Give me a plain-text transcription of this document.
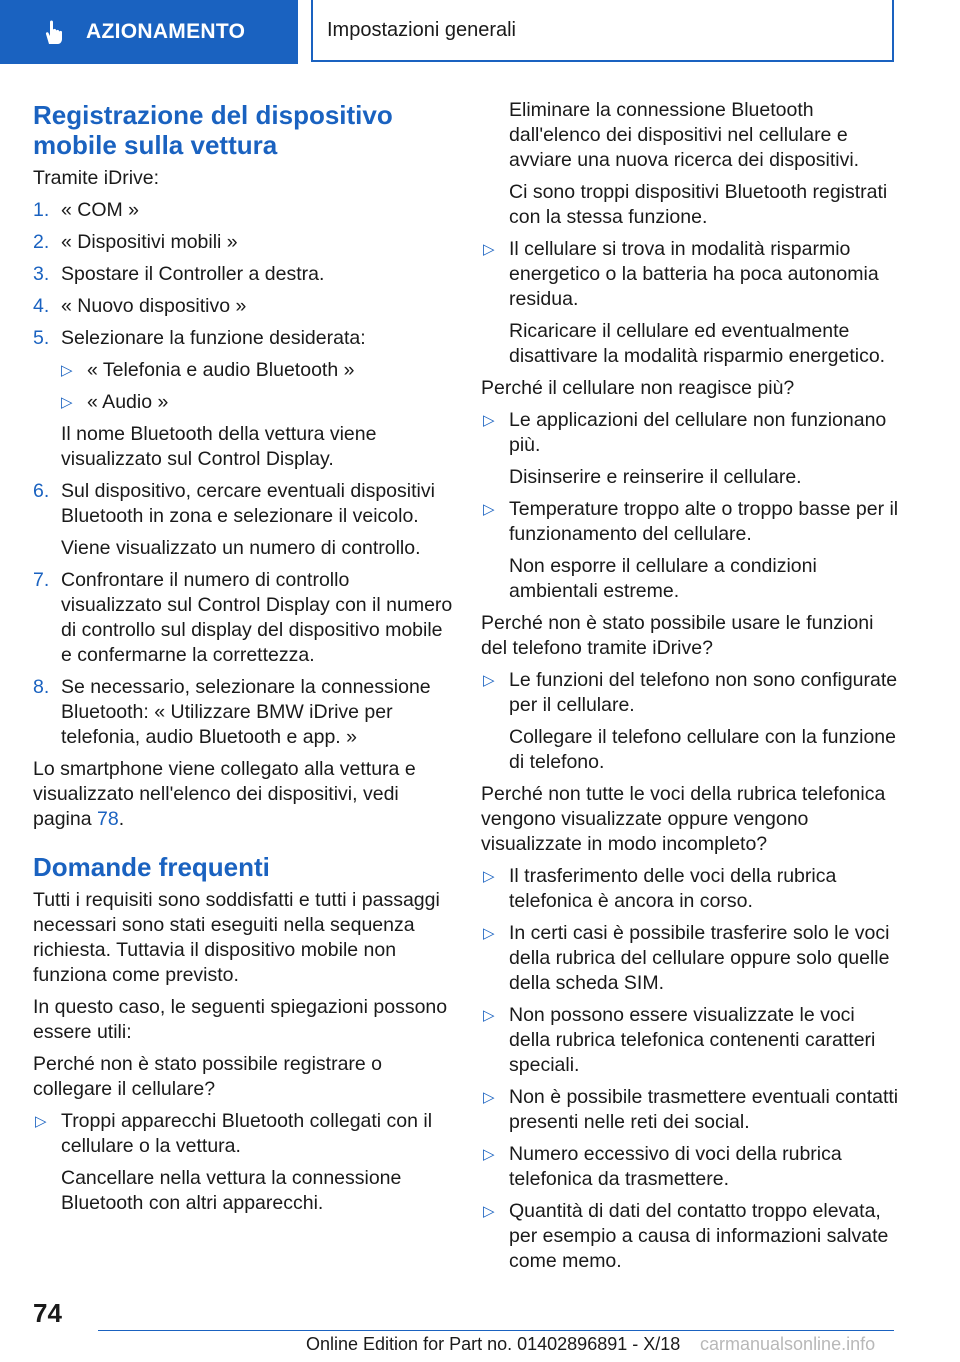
AZIONAMENTO	Impostazioni generali
Registrazione del dispositivo mobile sulla vettura

Tramite iDrive:

1. « COM »
2. « Dispositivi mobili »
3. Spostare il Controller a destra.
4. « Nuovo dispositivo »
5. Selezionare la funzione desiderata:
▷ « Telefonia e audio Bluetooth »
▷ « Audio »
Il nome Bluetooth della vettura viene visualizzato sul Control Display.
6. Sul dispositivo, cercare eventuali dispositivi Bluetooth in zona e selezionare il veicolo.
Viene visualizzato un numero di controllo.
7. Confrontare il numero di controllo visualizzato sul Control Display con il numero di controllo sul display del dispositivo mobile e confermarne la correttezza.
8. Se necessario, selezionare la connessione Bluetooth: « Utilizzare BMW iDrive per telefonia, audio Bluetooth e app. »

Lo smartphone viene collegato alla vettura e visualizzato nell'elenco dei dispositivi, vedi pagina 78.

Domande frequenti

Tutti i requisiti sono soddisfatti e tutti i passaggi necessari sono stati eseguiti nella sequenza richiesta. Tuttavia il dispositivo mobile non funziona come previsto.

In questo caso, le seguenti spiegazioni possono essere utili:

Perché non è stato possibile registrare o collegare il cellulare?

▷ Troppi apparecchi Bluetooth collegati con il cellulare o la vettura.
Cancellare nella vettura la connessione Bluetooth con altri apparecchi.
Eliminare la connessione Bluetooth dall'elenco dei dispositivi nel cellulare e avviare una nuova ricerca dei dispositivi.
Ci sono troppi dispositivi Bluetooth registrati con la stessa funzione.
▷ Il cellulare si trova in modalità risparmio energetico o la batteria ha poca autonomia residua.
Ricaricare il cellulare ed eventualmente disattivare la modalità risparmio energetico.

Perché il cellulare non reagisce più?

▷ Le applicazioni del cellulare non funzionano più.
Disinserire e reinserire il cellulare.
▷ Temperature troppo alte o troppo basse per il funzionamento del cellulare.
Non esporre il cellulare a condizioni ambientali estreme.

Perché non è stato possibile usare le funzioni del telefono tramite iDrive?

▷ Le funzioni del telefono non sono configurate per il cellulare.
Collegare il telefono cellulare con la funzione di telefono.

Perché non tutte le voci della rubrica telefonica vengono visualizzate oppure vengono visualizzate in modo incompleto?

▷ Il trasferimento delle voci della rubrica telefonica è ancora in corso.
▷ In certi casi è possibile trasferire solo le voci della rubrica del cellulare oppure solo quelle della scheda SIM.
▷ Non possono essere visualizzate le voci della rubrica telefonica contenenti caratteri speciali.
▷ Non è possibile trasmettere eventuali contatti presenti nelle reti dei social.
▷ Numero eccessivo di voci della rubrica telefonica da trasmettere.
▷ Quantità di dati del contatto troppo elevata, per esempio a causa di informazioni salvate come memo.
74
Online Edition for Part no. 01402896891 - X/18 carmanualsonline.info
